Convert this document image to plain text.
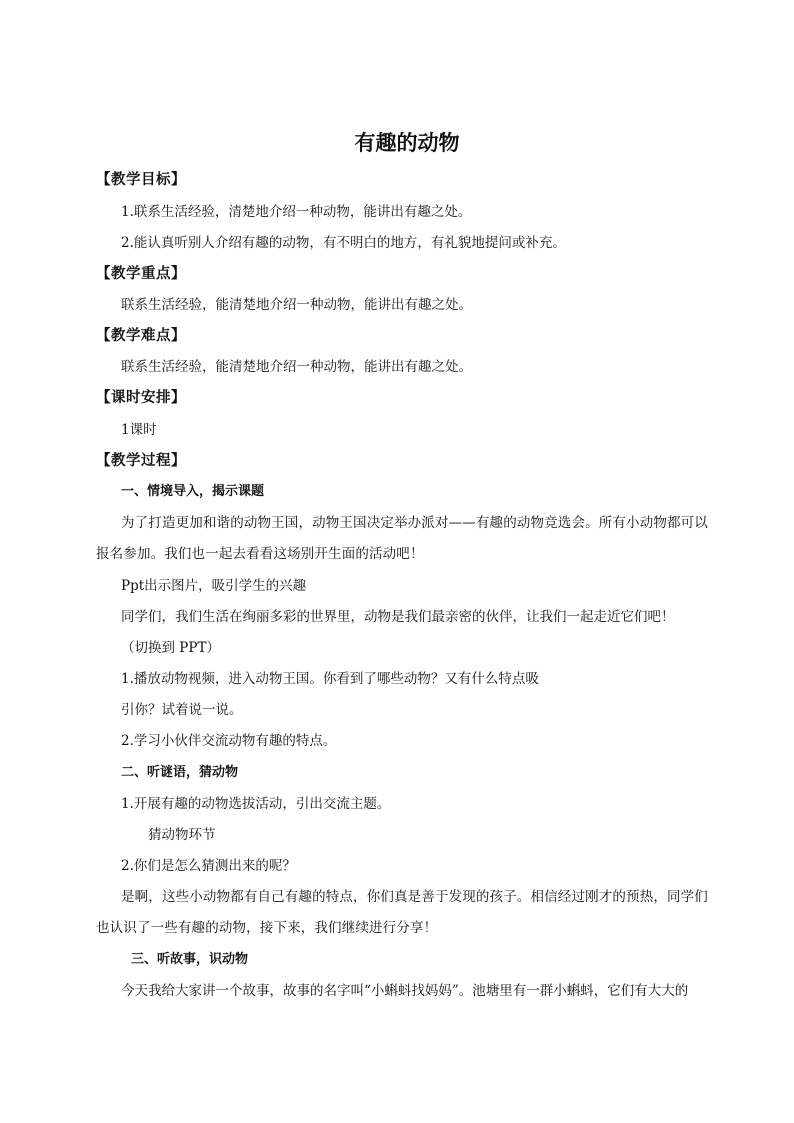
有趣的动物
【教学目标】
1.联系生活经验，清楚地介绍一种动物，能讲出有趣之处。
2.能认真听别人介绍有趣的动物，有不明白的地方，有礼貌地提问或补充。
【教学重点】
联系生活经验，能清楚地介绍一种动物，能讲出有趣之处。
【教学难点】
联系生活经验，能清楚地介绍一种动物，能讲出有趣之处。
【课时安排】
1课时
【教学过程】
一、情境导入，揭示课题
为了打造更加和谐的动物王国，动物王国决定举办派对——有趣的动物竞选会。所有小动物都可以报名参加。我们也一起去看看这场别开生面的活动吧！
Ppt出示图片，吸引学生的兴趣
同学们，我们生活在绚丽多彩的世界里，动物是我们最亲密的伙伴，让我们一起走近它们吧！
（切换到 PPT）
1.播放动物视频，进入动物王国。你看到了哪些动物？又有什么特点吸
引你？试着说一说。
2.学习小伙伴交流动物有趣的特点。
二、听谜语，猜动物
1.开展有趣的动物选拔活动，引出交流主题。
猜动物环节
2.你们是怎么猜测出来的呢？
是啊，这些小动物都有自己有趣的特点，你们真是善于发现的孩子。相信经过刚才的预热，同学们也认识了一些有趣的动物，接下来，我们继续进行分享！
三、听故事，识动物
今天我给大家讲一个故事，故事的名字叫“小蝌蚪找妈妈”。池塘里有一群小蝌蚪，它们有大大的
